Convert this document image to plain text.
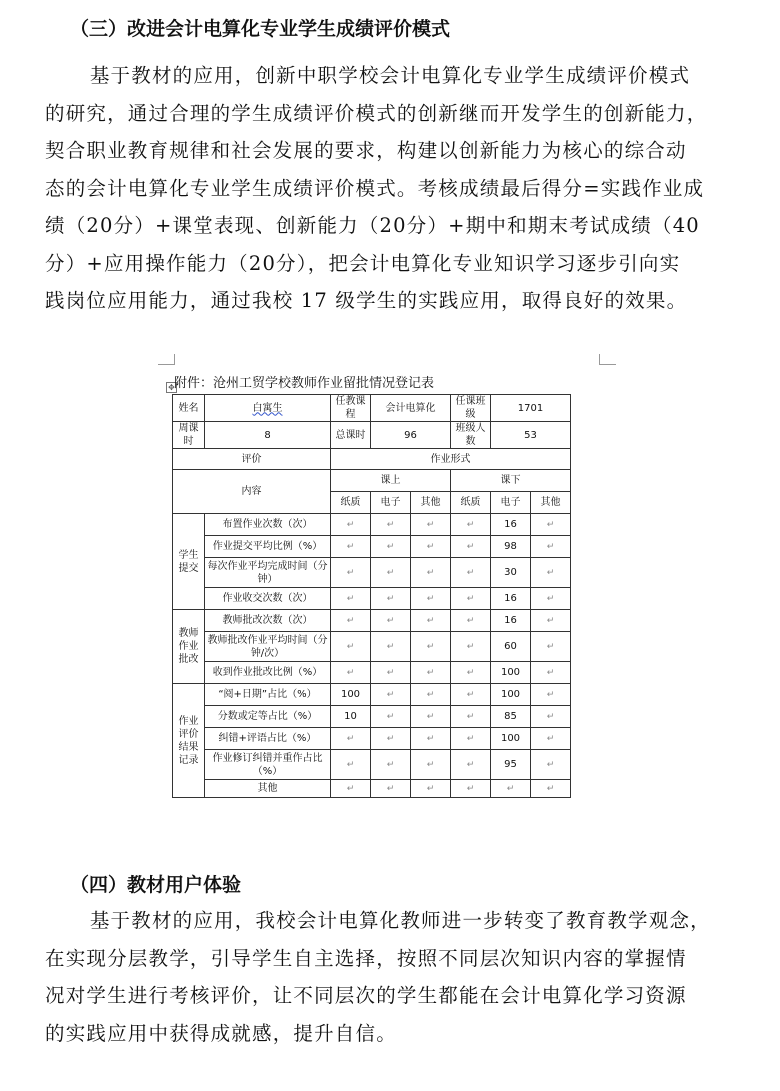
（三）改进会计电算化专业学生成绩评价模式
基于教材的应用，创新中职学校会计电算化专业学生成绩评价模式
的研究，通过合理的学生成绩评价模式的创新继而开发学生的创新能力，
契合职业教育规律和社会发展的要求，构建以创新能力为核心的综合动
态的会计电算化专业学生成绩评价模式。考核成绩最后得分=实践作业成
绩（20分）+课堂表现、创新能力（20分）+期中和期末考试成绩（40
分）+应用操作能力（20分），把会计电算化专业知识学习逐步引向实
践岗位应用能力，通过我校 17 级学生的实践应用，取得良好的效果。
✥ 附件：沧州工贸学校教师作业留批情况登记表
姓名	白寓生	任教课程	会计电算化		任课班级	1701	
周课时	8	总课时	96		班级人数	53	
评价		作业形式					
内容		课上			课下		
		纸质	电子	其他	纸质	电子	其他
学生提交	布置作业次数（次）	↵	↵	↵	↵	16	↵
	作业提交平均比例（%）	↵	↵	↵	↵	98	↵
	每次作业平均完成时间（分钟）	↵	↵	↵	↵	30	↵
	作业收交次数（次）	↵	↵	↵	↵	16	↵
教师作业批改	教师批改次数（次）	↵	↵	↵	↵	16	↵
	教师批改作业平均时间（分钟/次）	↵	↵	↵	↵	60	↵
	收到作业批改比例（%）	↵	↵	↵	↵	100	↵
作业评价结果记录	“阅+日期”占比（%）	100	↵	↵	↵	100	↵
	分数或定等占比（%）	10	↵	↵	↵	85	↵
	纠错+评语占比（%）	↵	↵	↵	↵	100	↵
	作业修订纠错并重作占比（%）	↵	↵	↵	↵	95	↵
	其他	↵	↵	↵	↵	↵	↵
（四）教材用户体验
基于教材的应用，我校会计电算化教师进一步转变了教育教学观念，
在实现分层教学，引导学生自主选择，按照不同层次知识内容的掌握情
况对学生进行考核评价，让不同层次的学生都能在会计电算化学习资源
的实践应用中获得成就感，提升自信。
